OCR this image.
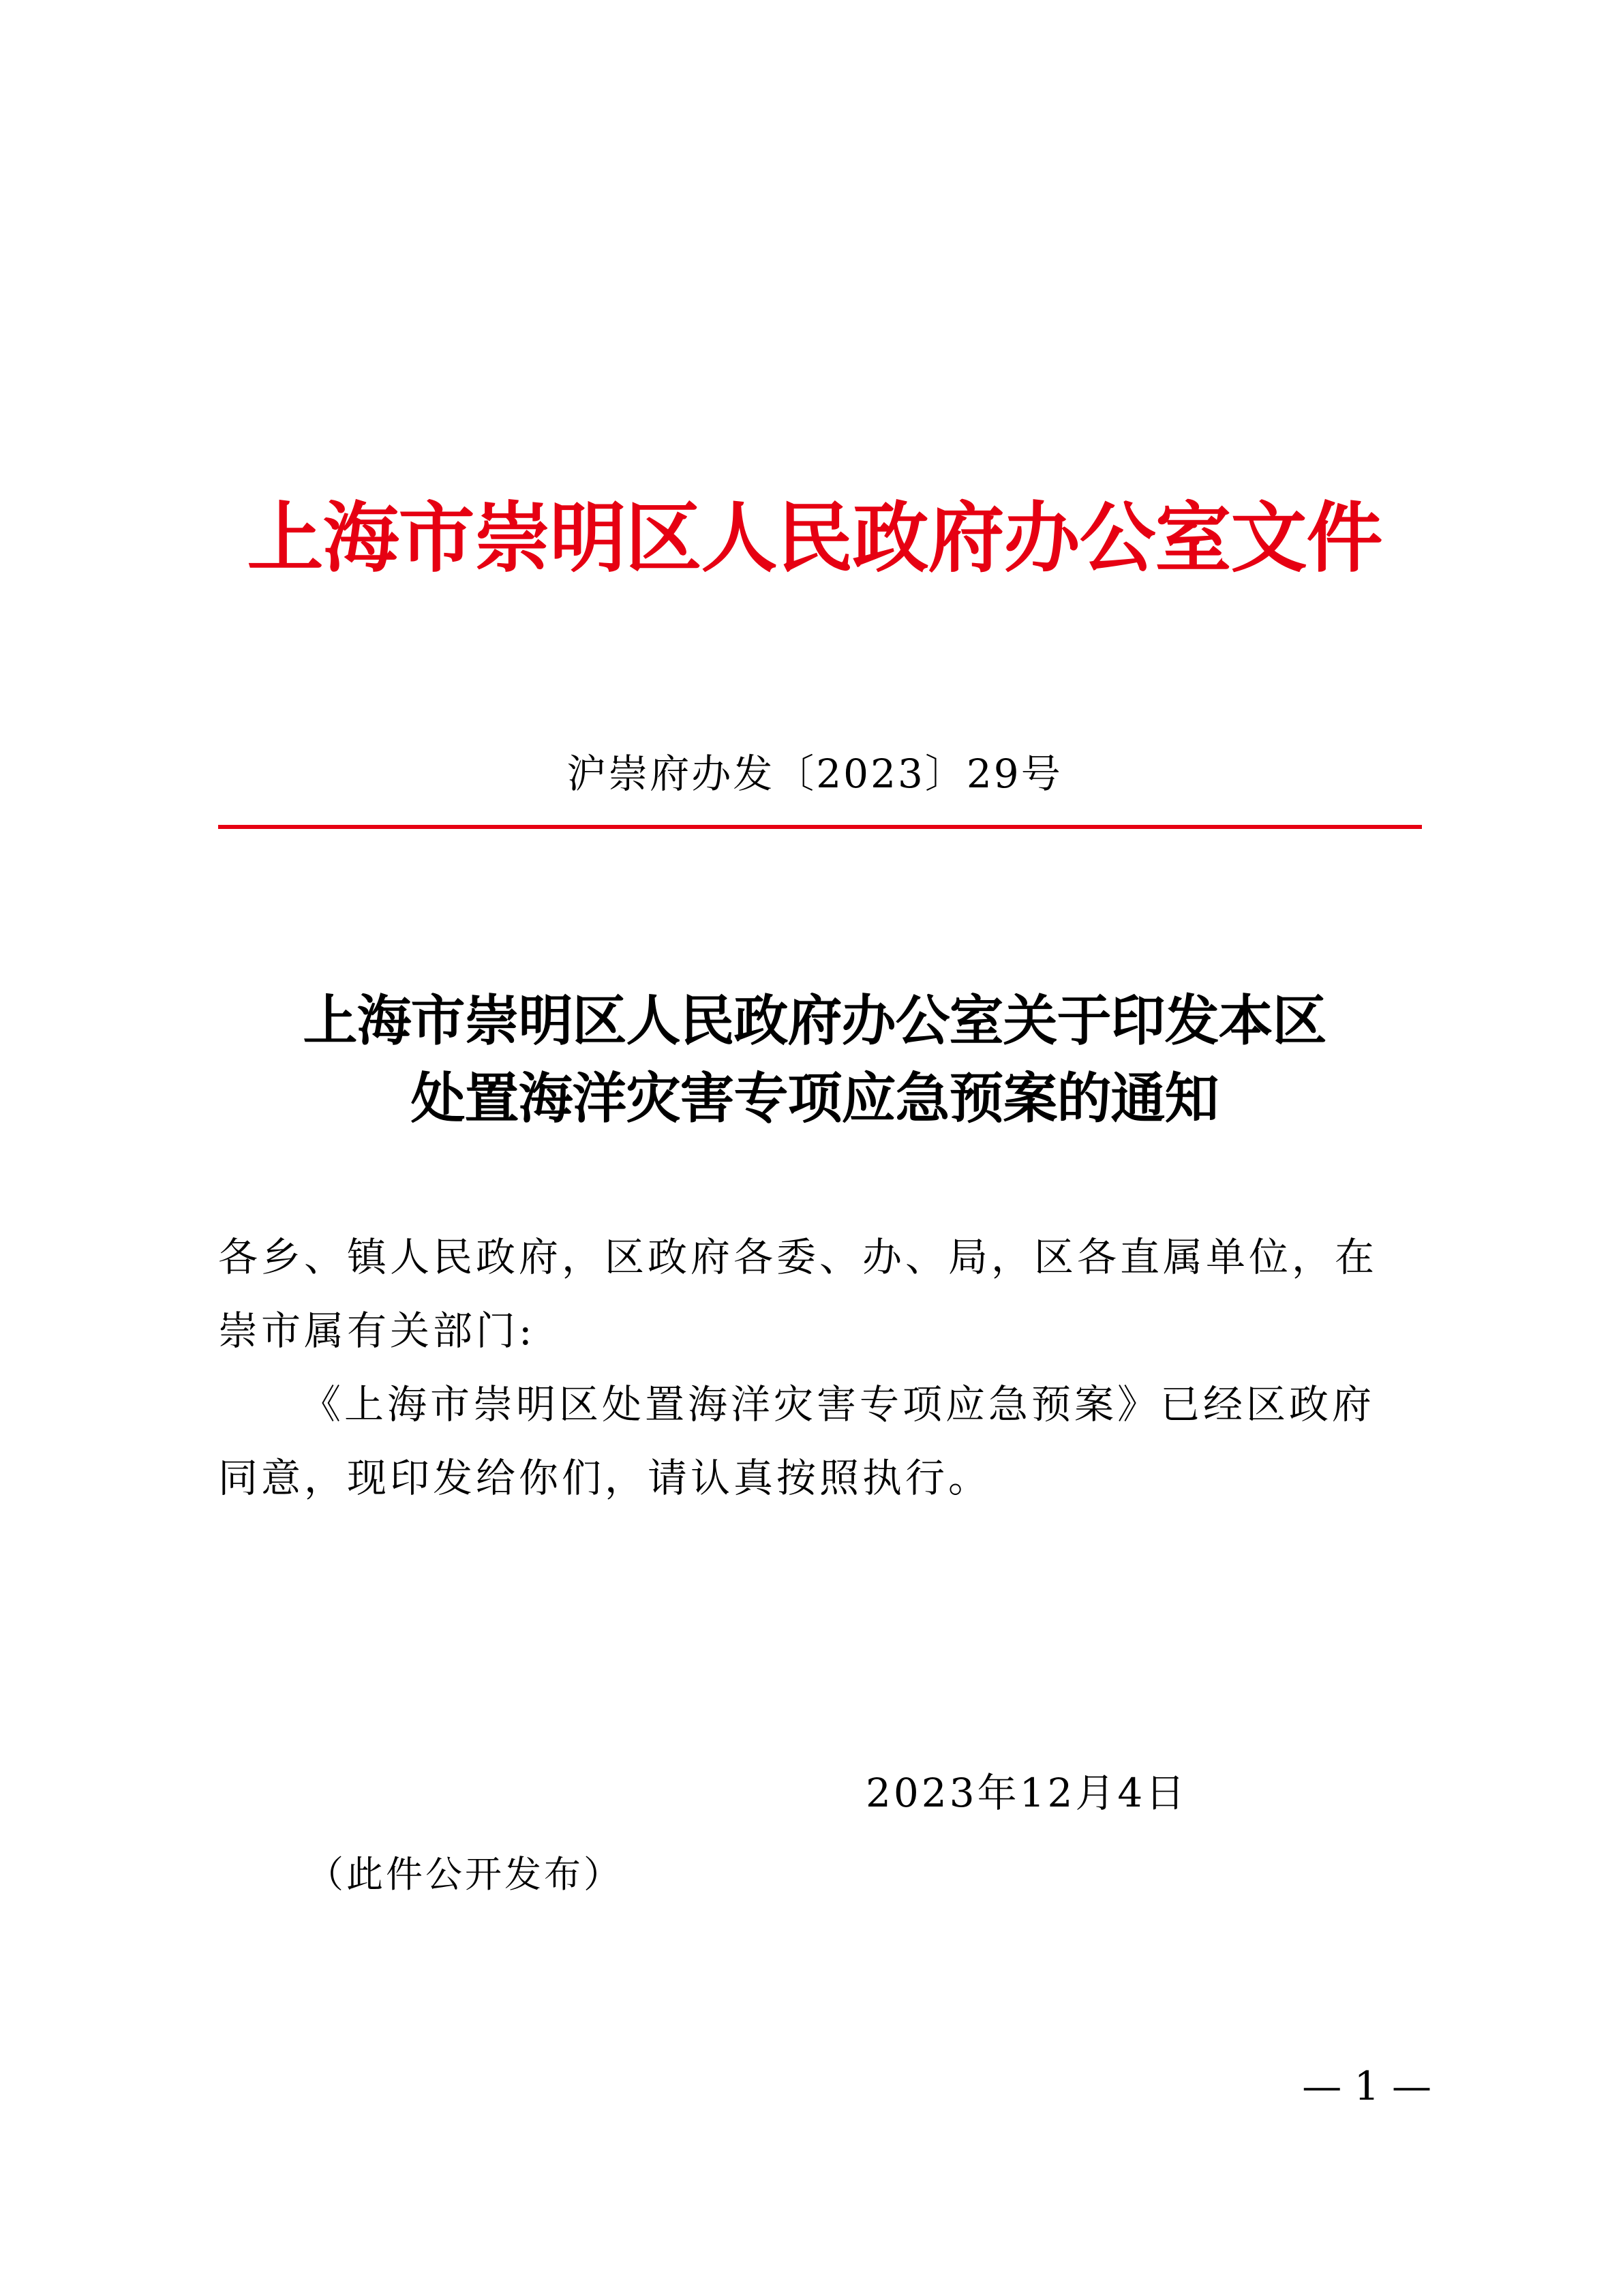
上海市崇明区人民政府办公室文件
沪崇府办发〔2023〕29号
上海市崇明区人民政府办公室关于印发本区
处置海洋灾害专项应急预案的通知
各乡、镇人民政府，区政府各委、办、局，区各直属单位，在崇市属有关部门:
《上海市崇明区处置海洋灾害专项应急预案》已经区政府同意，现印发给你们，请认真按照执行。
2023年12月4日
（此件公开发布）
— 1 —
